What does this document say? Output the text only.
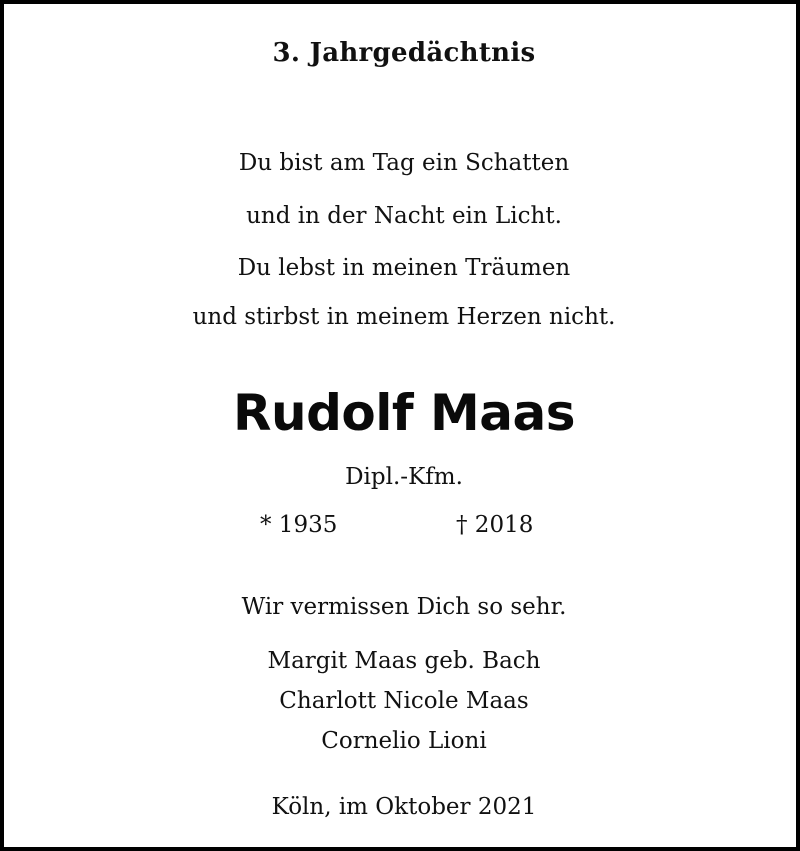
3. Jahrgedächtnis
Du bist am Tag ein Schatten
und in der Nacht ein Licht.
Du lebst in meinen Träumen
und stirbst in meinem Herzen nicht.
Rudolf Maas
Dipl.-Kfm.
* 1935	† 2018
Wir vermissen Dich so sehr.
Margit Maas geb. Bach
Charlott Nicole Maas
Cornelio Lioni
Köln, im Oktober 2021
